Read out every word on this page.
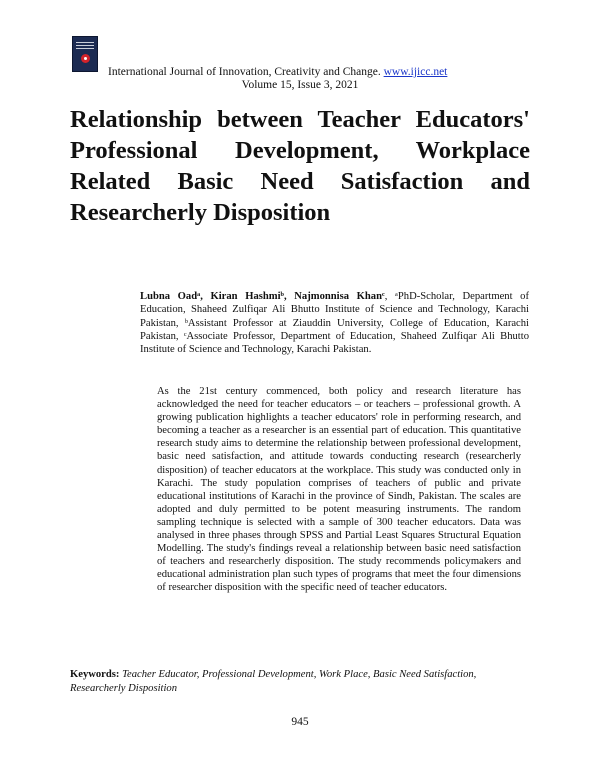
International Journal of Innovation, Creativity and Change. www.ijicc.net
Volume 15, Issue 3, 2021
Relationship between Teacher Educators' Professional Development, Workplace Related Basic Need Satisfaction and Researcherly Disposition

Lubna Oadᵃ, Kiran Hashmiᵇ, Najmonnisa Khanᶜ, ᵃPhD-Scholar, Department of Education, Shaheed Zulfiqar Ali Bhutto Institute of Science and Technology, Karachi Pakistan, ᵇAssistant Professor at Ziauddin University, College of Education, Karachi Pakistan, ᶜAssociate Professor, Department of Education, Shaheed Zulfiqar Ali Bhutto Institute of Science and Technology, Karachi Pakistan.

As the 21st century commenced, both policy and research literature has acknowledged the need for teacher educators – or teachers – professional growth. A growing publication highlights a teacher educators' role in performing research, and becoming a teacher as a researcher is an essential part of education. This quantitative research study aims to determine the relationship between professional development, basic need satisfaction, and attitude towards conducting research (researcherly disposition) of teacher educators at the workplace. This study was conducted only in Karachi. The study population comprises of teachers of public and private educational institutions of Karachi in the province of Sindh, Pakistan. The scales are adopted and duly permitted to be potent measuring instruments. The random sampling technique is selected with a sample of 300 teacher educators. Data was analysed in three phases through SPSS and Partial Least Squares Structural Equation Modelling. The study's findings reveal a relationship between basic need satisfaction of teachers and researcherly disposition. The study recommends policymakers and educational administration plan such types of programs that meet the four dimensions of researcher disposition with the specific need of teacher educators.

Keywords: Teacher Educator, Professional Development, Work Place, Basic Need Satisfaction, Researcherly Disposition

945
